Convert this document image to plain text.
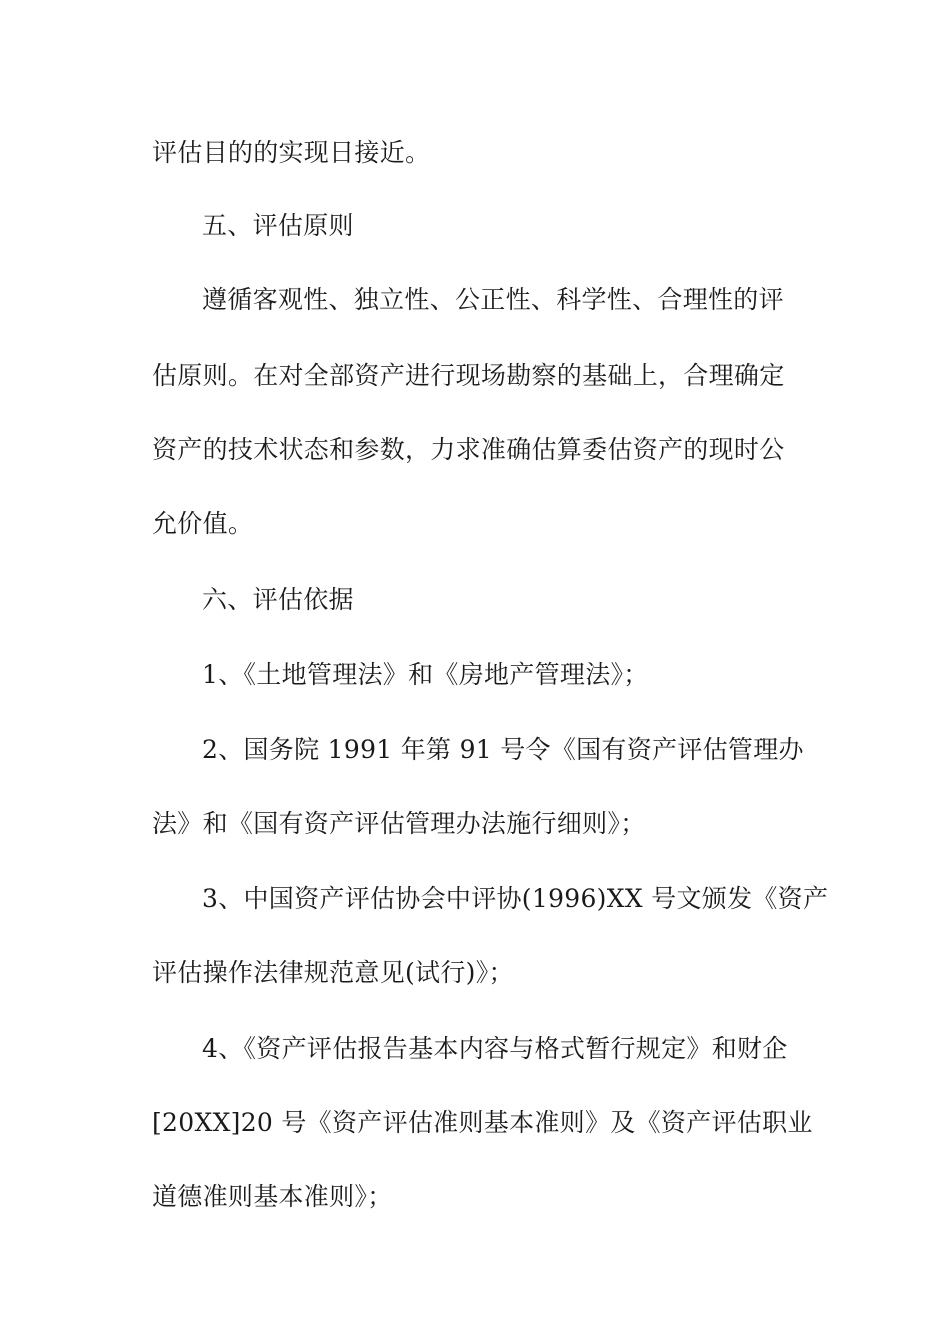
评估目的的实现日接近。

五、评估原则

遵循客观性、独立性、公正性、科学性、合理性的评

估原则。在对全部资产进行现场勘察的基础上，合理确定

资产的技术状态和参数，力求准确估算委估资产的现时公

允价值。

六、评估依据

1、《土地管理法》和《房地产管理法》；

2、国务院 1991 年第 91 号令《国有资产评估管理办

法》和《国有资产评估管理办法施行细则》；

3、中国资产评估协会中评协(1996)XX 号文颁发《资产

评估操作法律规范意见(试行)》；

4、《资产评估报告基本内容与格式暂行规定》和财企

[20XX]20 号《资产评估准则基本准则》及《资产评估职业

道德准则基本准则》；
